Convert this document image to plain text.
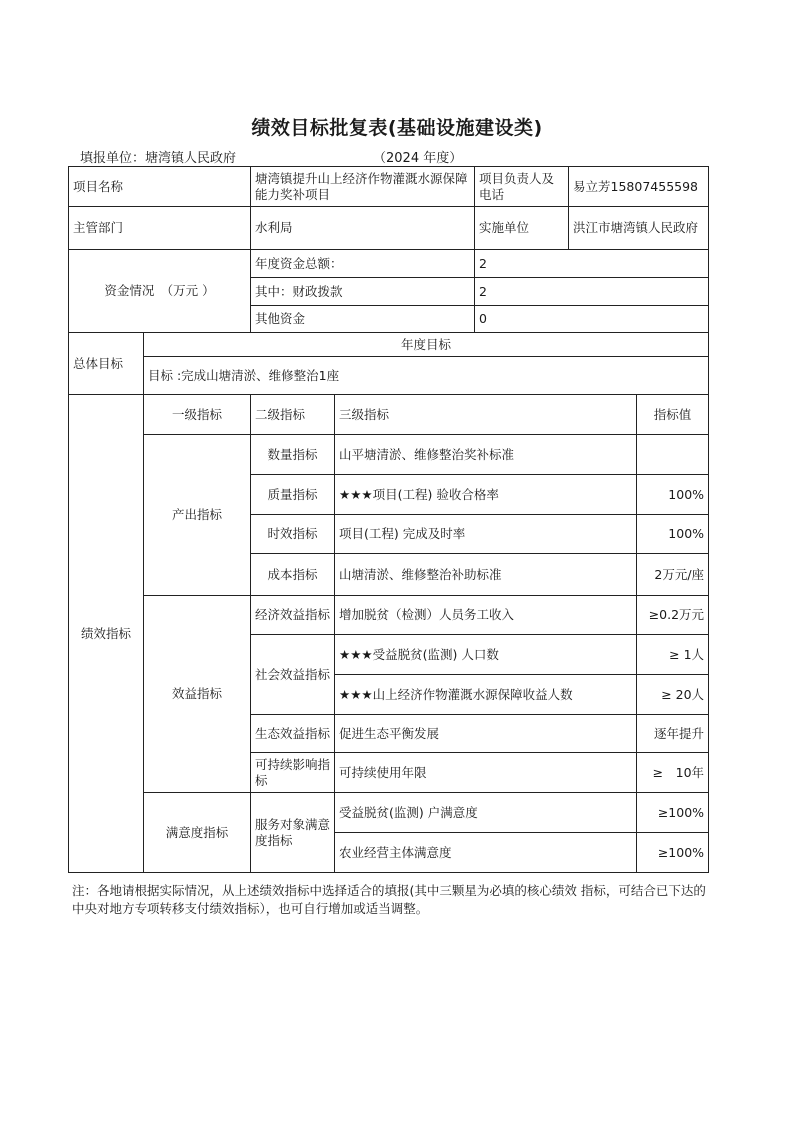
绩效目标批复表(基础设施建设类)
填报单位：塘湾镇人民政府	（2024 年度）
项目名称		塘湾镇提升山上经济作物灌溉水源保障能力奖补项目		项目负责人及电话	易立芳15807455598	
主管部门		水利局		实施单位	洪江市塘湾镇人民政府	
资金情况　（万元 ）		年度资金总额：		2		
		其中：财政拨款		2		
		其他资金		0		
总体目标	年度目标					
	目标 :完成山塘清淤、维修整治1座					
绩效指标	一级指标	二级指标	三级指标			指标值
	产出指标	数量指标	山平塘清淤、维修整治奖补标准			
		质量指标	★★★项目(工程) 验收合格率			100%
		时效指标	项目(工程) 完成及时率			100%
		成本指标	山塘清淤、维修整治补助标准			2万元/座
	效益指标	经济效益指标	增加脱贫（检测）人员务工收入			≥0.2万元
		社会效益指标	★★★受益脱贫(监测) 人口数			≥ 1人
			★★★山上经济作物灌溉水源保障收益人数			≥ 20人
		生态效益指标	促进生态平衡发展			逐年提升
		可持续影响指标	可持续使用年限			≥　10年
	满意度指标	服务对象满意度指标	受益脱贫(监测) 户满意度			≥100%
			农业经营主体满意度			≥100%
注：各地请根据实际情况，从上述绩效指标中选择适合的填报(其中三颗星为必填的核心绩效 指标，可结合已下达的中央对地方专项转移支付绩效指标），也可自行增加或适当调整。
